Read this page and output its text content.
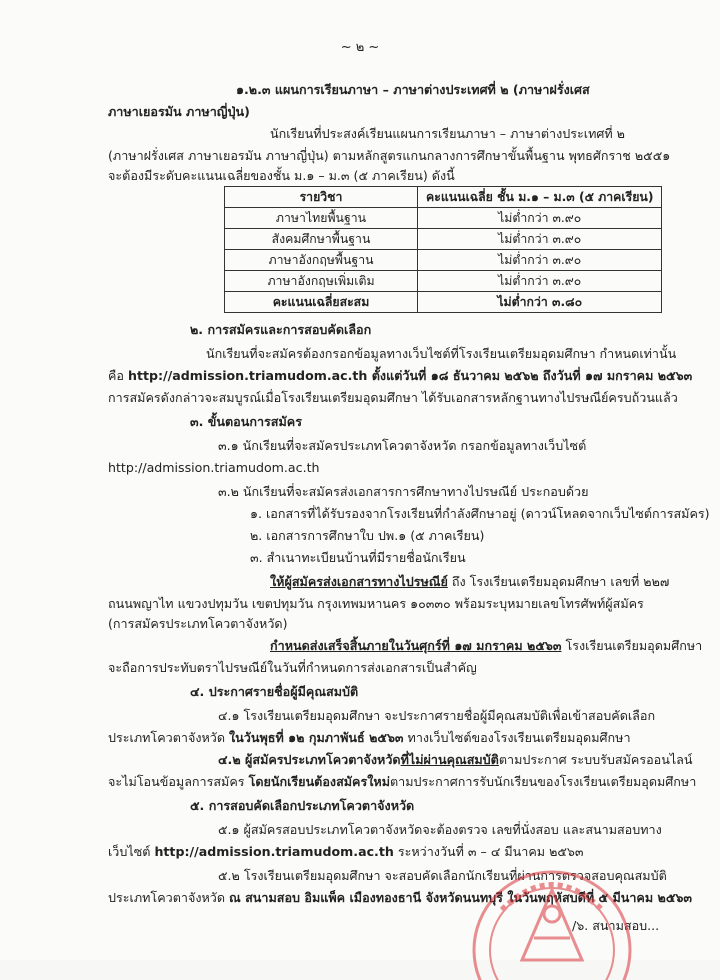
~ ๒ ~
๑.๒.๓ แผนการเรียนภาษา – ภาษาต่างประเทศที่ ๒ (ภาษาฝรั่งเศส
ภาษาเยอรมัน ภาษาญี่ปุ่น)
นักเรียนที่ประสงค์เรียนแผนการเรียนภาษา – ภาษาต่างประเทศที่ ๒
(ภาษาฝรั่งเศส ภาษาเยอรมัน ภาษาญี่ปุ่น) ตามหลักสูตรแกนกลางการศึกษาขั้นพื้นฐาน พุทธศักราช ๒๕๕๑
จะต้องมีระดับคะแนนเฉลี่ยของชั้น ม.๑ – ม.๓ (๕ ภาคเรียน) ดังนี้
รายวิชา	คะแนนเฉลี่ย ชั้น ม.๑ – ม.๓ (๕ ภาคเรียน)
ภาษาไทยพื้นฐาน	ไม่ต่ำกว่า ๓.๙๐
สังคมศึกษาพื้นฐาน	ไม่ต่ำกว่า ๓.๙๐
ภาษาอังกฤษพื้นฐาน	ไม่ต่ำกว่า ๓.๙๐
ภาษาอังกฤษเพิ่มเติม	ไม่ต่ำกว่า ๓.๙๐
คะแนนเฉลี่ยสะสม	ไม่ต่ำกว่า ๓.๘๐
๒. การสมัครและการสอบคัดเลือก
นักเรียนที่จะสมัครต้องกรอกข้อมูลทางเว็บไซต์ที่โรงเรียนเตรียมอุดมศึกษา กำหนดเท่านั้น
คือ http://admission.triamudom.ac.th ตั้งแต่วันที่ ๑๘ ธันวาคม ๒๕๖๒ ถึงวันที่ ๑๗ มกราคม ๒๕๖๓
การสมัครดังกล่าวจะสมบูรณ์เมื่อโรงเรียนเตรียมอุดมศึกษา ได้รับเอกสารหลักฐานทางไปรษณีย์ครบถ้วนแล้ว
๓. ขั้นตอนการสมัคร
๓.๑ นักเรียนที่จะสมัครประเภทโควตาจังหวัด กรอกข้อมูลทางเว็บไซต์
http://admission.triamudom.ac.th
๓.๒ นักเรียนที่จะสมัครส่งเอกสารการศึกษาทางไปรษณีย์ ประกอบด้วย
๑. เอกสารที่ได้รับรองจากโรงเรียนที่กำลังศึกษาอยู่ (ดาวน์โหลดจากเว็บไซต์การสมัคร)
๒. เอกสารการศึกษาใบ ปพ.๑ (๕ ภาคเรียน)
๓. สำเนาทะเบียนบ้านที่มีรายชื่อนักเรียน
ให้ผู้สมัครส่งเอกสารทางไปรษณีย์ ถึง โรงเรียนเตรียมอุดมศึกษา เลขที่ ๒๒๗
ถนนพญาไท แขวงปทุมวัน เขตปทุมวัน กรุงเทพมหานคร ๑๐๓๓๐ พร้อมระบุหมายเลขโทรศัพท์ผู้สมัคร
(การสมัครประเภทโควตาจังหวัด)
กำหนดส่งเสร็จสิ้นภายในวันศุกร์ที่ ๑๗ มกราคม ๒๕๖๓ โรงเรียนเตรียมอุดมศึกษา
จะถือการประทับตราไปรษณีย์ในวันที่กำหนดการส่งเอกสารเป็นสำคัญ
๔. ประกาศรายชื่อผู้มีคุณสมบัติ
๔.๑ โรงเรียนเตรียมอุดมศึกษา จะประกาศรายชื่อผู้มีคุณสมบัติเพื่อเข้าสอบคัดเลือก
ประเภทโควตาจังหวัด ในวันพุธที่ ๑๒ กุมภาพันธ์ ๒๕๖๓ ทางเว็บไซต์ของโรงเรียนเตรียมอุดมศึกษา
๔.๒ ผู้สมัครประเภทโควตาจังหวัดที่ไม่ผ่านคุณสมบัติตามประกาศ ระบบรับสมัครออนไลน์
จะไม่โอนข้อมูลการสมัคร โดยนักเรียนต้องสมัครใหม่ตามประกาศการรับนักเรียนของโรงเรียนเตรียมอุดมศึกษา
๕. การสอบคัดเลือกประเภทโควตาจังหวัด
๕.๑ ผู้สมัครสอบประเภทโควตาจังหวัดจะต้องตรวจ เลขที่นั่งสอบ และสนามสอบทาง
เว็บไซต์ http://admission.triamudom.ac.th ระหว่างวันที่ ๓ – ๔ มีนาคม ๒๕๖๓
๕.๒ โรงเรียนเตรียมอุดมศึกษา จะสอบคัดเลือกนักเรียนที่ผ่านการตรวจสอบคุณสมบัติ
ประเภทโควตาจังหวัด ณ สนามสอบ อิมแพ็ค เมืองทองธานี จังหวัดนนทบุรี ในวันพฤหัสบดีที่ ๕ มีนาคม ๒๕๖๓
/๖. สนามสอบ...
